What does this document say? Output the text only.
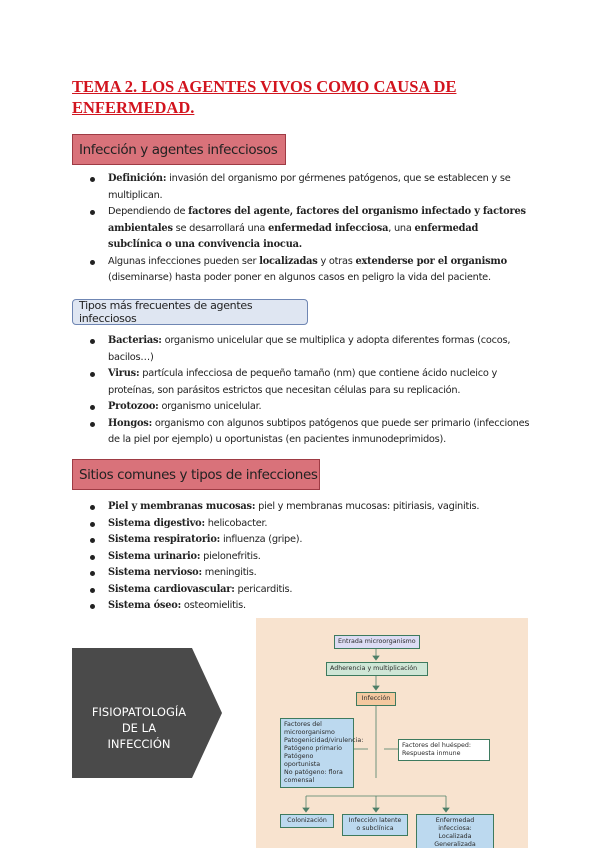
TEMA 2. LOS AGENTES VIVOS COMO CAUSA DE ENFERMEDAD.
Infección y agentes infecciosos
Definición: invasión del organismo por gérmenes patógenos, que se establecen y se multiplican.
Dependiendo de factores del agente, factores del organismo infectado y factores ambientales se desarrollará una enfermedad infecciosa, una enfermedad subclínica o una convivencia inocua.
Algunas infecciones pueden ser localizadas y otras extenderse por el organismo (diseminarse) hasta poder poner en algunos casos en peligro la vida del paciente.
Tipos más frecuentes de agentes infecciosos
Bacterias: organismo unicelular que se multiplica y adopta diferentes formas (cocos, bacilos…)
Virus: partícula infecciosa de pequeño tamaño (nm) que contiene ácido nucleico y proteínas, son parásitos estrictos que necesitan células para su replicación.
Protozoo: organismo unicelular.
Hongos: organismo con algunos subtipos patógenos que puede ser primario (infecciones de la piel por ejemplo) u oportunistas (en pacientes inmunodeprimidos).
Sitios comunes y tipos de infecciones
Piel y membranas mucosas: piel y membranas mucosas: pitiriasis, vaginitis.
Sistema digestivo: helicobacter.
Sistema respiratorio: influenza (gripe).
Sistema urinario: pielonefritis.
Sistema nervioso: meningitis.
Sistema cardiovascular: pericarditis.
Sistema óseo: osteomielitis.
FISIOPATOLOGÍA
DE LA
INFECCIÓN
Entrada microorganismo
Adherencia y multiplicación
Infección
Factores del
microorganismo
Patogenicidad/virulencia:
Patógeno primario
Patógeno oportunista
No patógeno: flora
comensal
Factores del huésped:
Respuesta inmune
Colonización	Infección latente
o subclínica
Enfermedad infecciosa:
Localizada
Generalizada
